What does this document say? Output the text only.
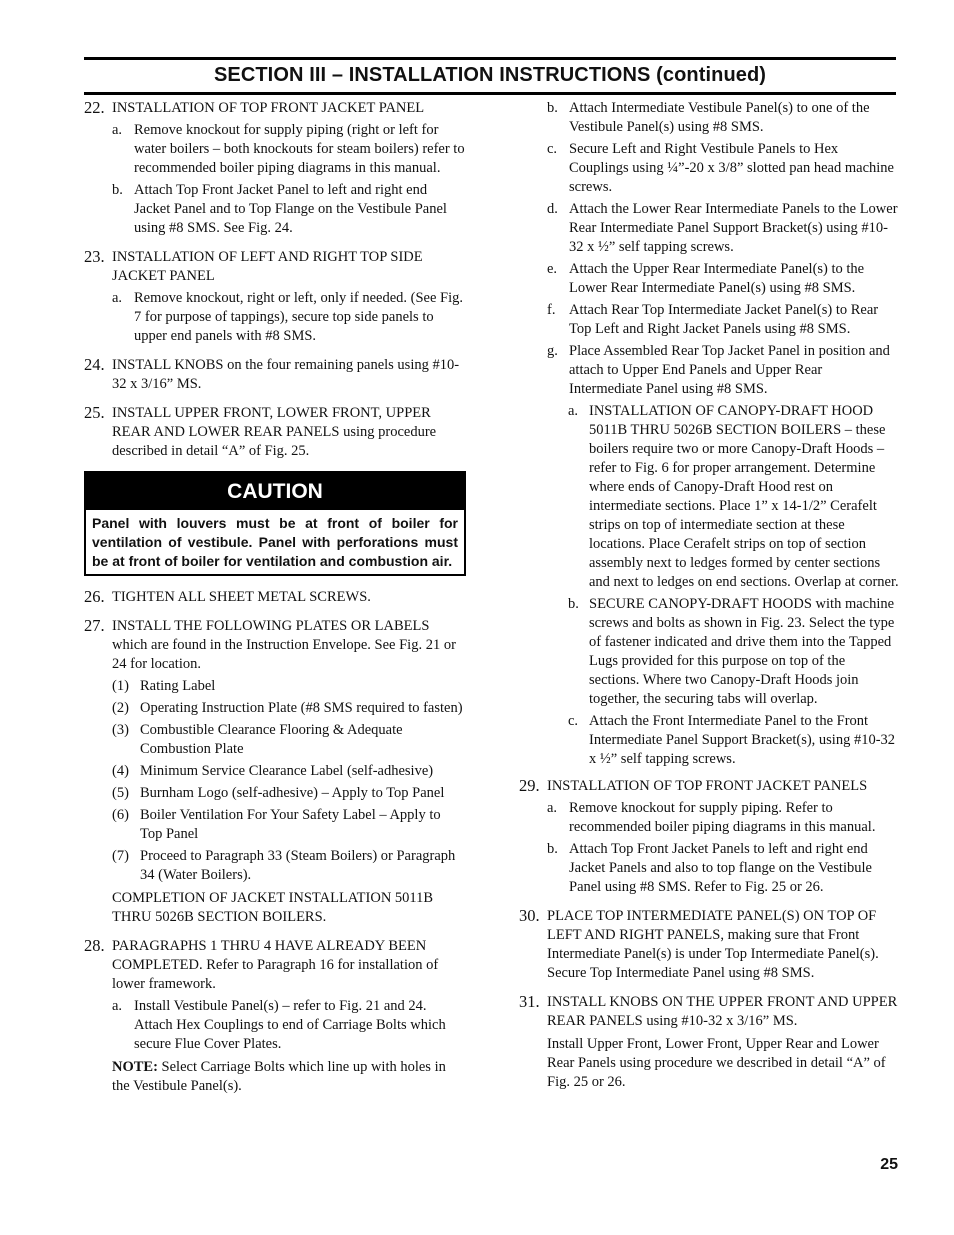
SECTION III – INSTALLATION INSTRUCTIONS (continued)
22. INSTALLATION OF TOP FRONT JACKET PANEL
a. Remove knockout for supply piping (right or left for water boilers – both knockouts for steam boilers) refer to recommended boiler piping diagrams in this manual.
b. Attach Top Front Jacket Panel to left and right end Jacket Panel and to Top Flange on the Vestibule Panel using #8 SMS. See Fig. 24.
23. INSTALLATION OF LEFT AND RIGHT TOP SIDE JACKET PANEL
a. Remove knockout, right or left, only if needed. (See Fig. 7 for purpose of tappings), secure top side panels to upper end panels with #8 SMS.
24. INSTALL KNOBS on the four remaining panels using #10-32 x 3/16” MS.
25. INSTALL UPPER FRONT, LOWER FRONT, UPPER REAR AND LOWER REAR PANELS using procedure described in detail “A” of Fig. 25.
CAUTION
Panel with louvers must be at front of boiler for ventilation of vestibule. Panel with perforations must be at front of boiler for ventilation and combustion air.
26. TIGHTEN ALL SHEET METAL SCREWS.
27. INSTALL THE FOLLOWING PLATES OR LABELS which are found in the Instruction Envelope. See Fig. 21 or 24 for location.
(1) Rating Label
(2) Operating Instruction Plate (#8 SMS required to fasten)
(3) Combustible Clearance Flooring & Adequate Combustion Plate
(4) Minimum Service Clearance Label (self-adhesive)
(5) Burnham Logo (self-adhesive) – Apply to Top Panel
(6) Boiler Ventilation For Your Safety Label – Apply to Top Panel
(7) Proceed to Paragraph 33 (Steam Boilers) or Paragraph 34 (Water Boilers).
COMPLETION OF JACKET INSTALLATION 5011B THRU 5026B SECTION BOILERS.
28. PARAGRAPHS 1 THRU 4 HAVE ALREADY BEEN COMPLETED. Refer to Paragraph 16 for installation of lower framework.
a. Install Vestibule Panel(s) – refer to Fig. 21 and 24. Attach Hex Couplings to end of Carriage Bolts which secure Flue Cover Plates.
NOTE: Select Carriage Bolts which line up with holes in the Vestibule Panel(s).
b. Attach Intermediate Vestibule Panel(s) to one of the Vestibule Panel(s) using #8 SMS.
c. Secure Left and Right Vestibule Panels to Hex Couplings using ¼”-20 x 3/8” slotted pan head machine screws.
d. Attach the Lower Rear Intermediate Panels to the Lower Rear Intermediate Panel Support Bracket(s) using #10-32 x ½” self tapping screws.
e. Attach the Upper Rear Intermediate Panel(s) to the Lower Rear Intermediate Panel(s) using #8 SMS.
f. Attach Rear Top Intermediate Jacket Panel(s) to Rear Top Left and Right Jacket Panels using #8 SMS.
g. Place Assembled Rear Top Jacket Panel in position and attach to Upper End Panels and Upper Rear Intermediate Panel using #8 SMS.
a. INSTALLATION OF CANOPY-DRAFT HOOD 5011B THRU 5026B SECTION BOILERS – these boilers require two or more Canopy-Draft Hoods – refer to Fig. 6 for proper arrangement. Determine where ends of Canopy-Draft Hood rest on intermediate sections. Place 1” x 14-1/2” Cerafelt strips on top of intermediate section at these locations. Place Cerafelt strips on top of section assembly next to ledges formed by center sections and next to ledges on end sections. Overlap at corner.
b. SECURE CANOPY-DRAFT HOODS with machine screws and bolts as shown in Fig. 23. Select the type of fastener indicated and drive them into the Tapped Lugs provided for this purpose on top of the sections. Where two Canopy-Draft Hoods join together, the securing tabs will overlap.
c. Attach the Front Intermediate Panel to the Front Intermediate Panel Support Bracket(s), using #10-32 x ½” self tapping screws.
29. INSTALLATION OF TOP FRONT JACKET PANELS
a. Remove knockout for supply piping. Refer to recommended boiler piping diagrams in this manual.
b. Attach Top Front Jacket Panels to left and right end Jacket Panels and also to top flange on the Vestibule Panel using #8 SMS. Refer to Fig. 25 or 26.
30. PLACE TOP INTERMEDIATE PANEL(S) ON TOP OF LEFT AND RIGHT PANELS, making sure that Front Intermediate Panel(s) is under Top Intermediate Panel(s). Secure Top Intermediate Panel using #8 SMS.
31. INSTALL KNOBS ON THE UPPER FRONT AND UPPER REAR PANELS using #10-32 x 3/16” MS.
Install Upper Front, Lower Front, Upper Rear and Lower Rear Panels using procedure we described in detail “A” of Fig. 25 or 26.
25
